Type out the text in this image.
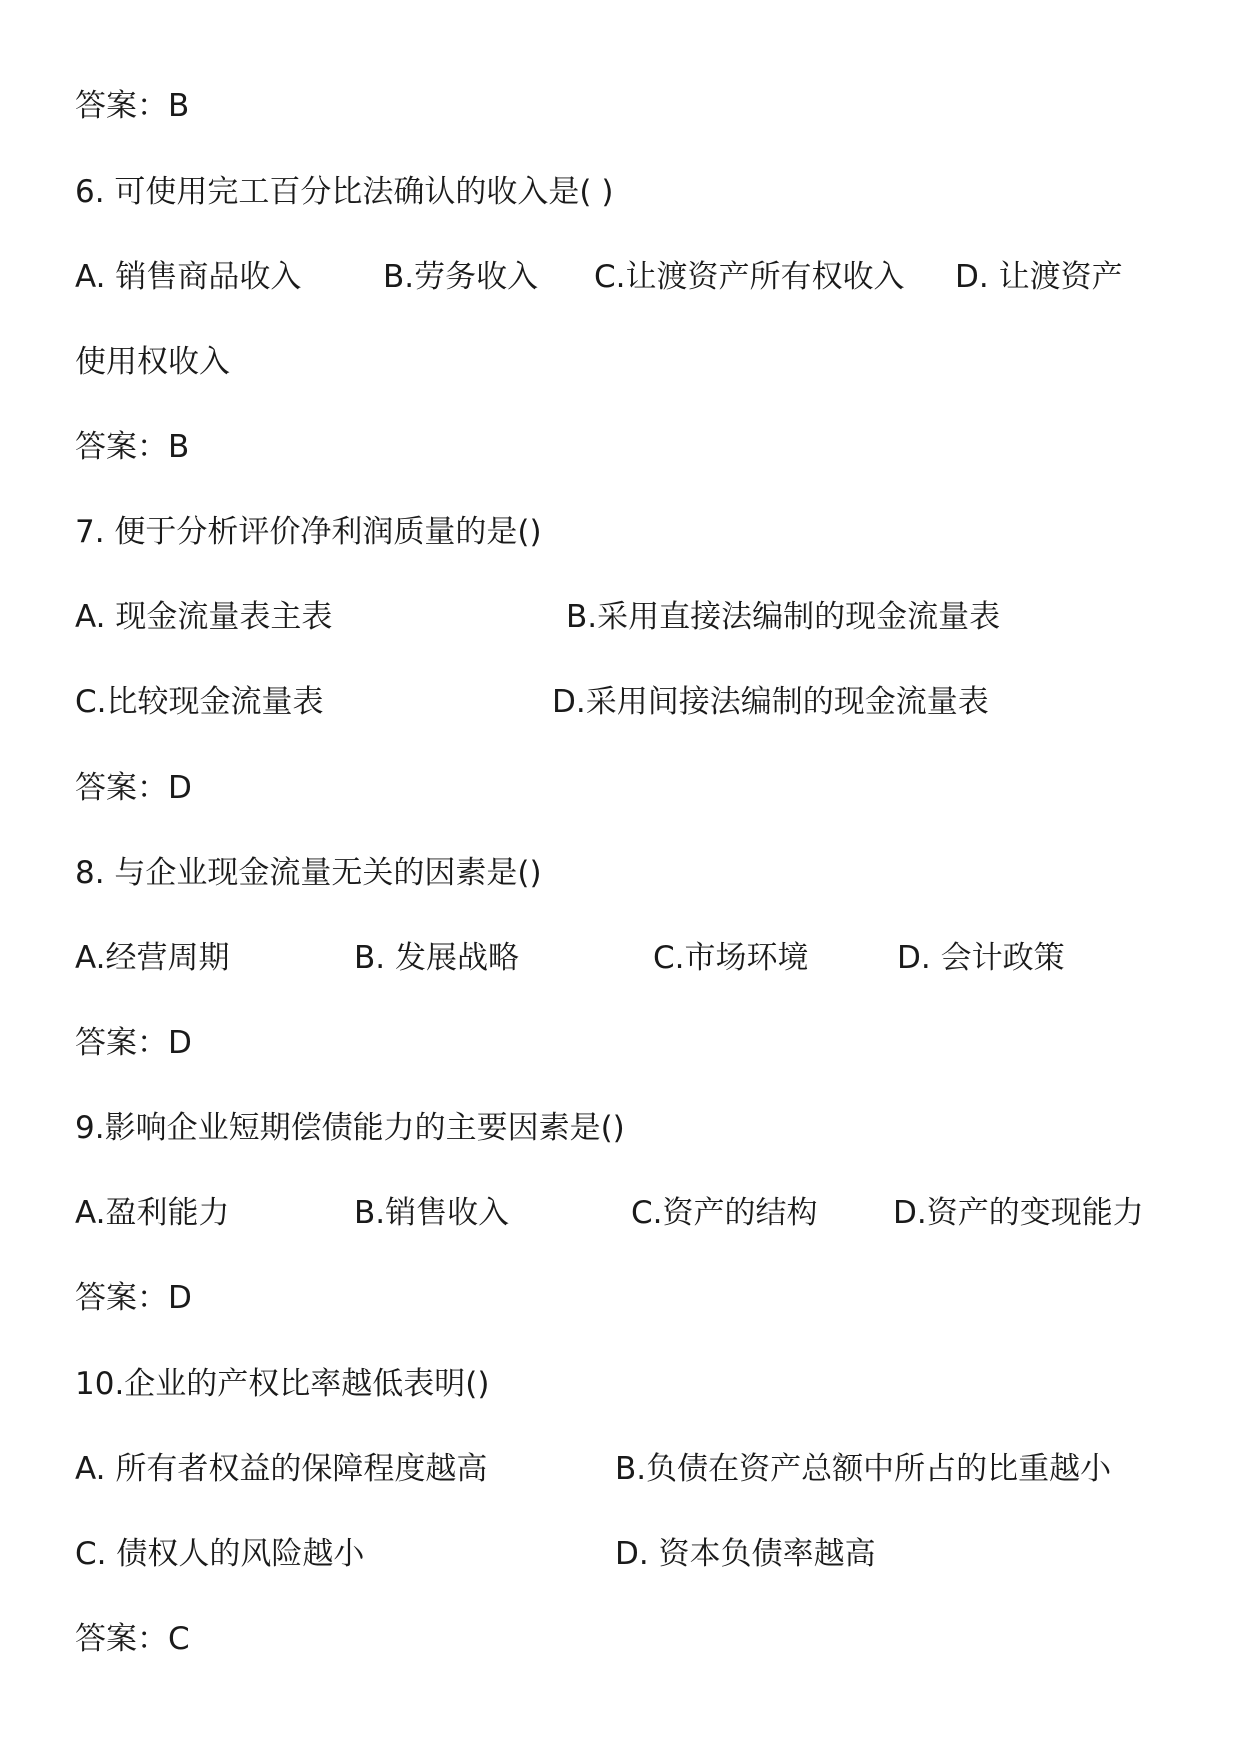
答案：B
6. 可使用完工百分比法确认的收入是( )
A. 销售商品收入	B.劳务收入 C.让渡资产所有权收入 D. 让渡资产
使用权收入
答案：B
7. 便于分析评价净利润质量的是()
A. 现金流量表主表	B.采用直接法编制的现金流量表
C.比较现金流量表	D.采用间接法编制的现金流量表
答案：D
8. 与企业现金流量无关的因素是()
A.经营周期	B. 发展战略	C.市场环境	D. 会计政策
答案：D
9.影响企业短期偿债能力的主要因素是()
A.盈利能力	B.销售收入	C.资产的结构 D.资产的变现能力
答案：D
10.企业的产权比率越低表明()
A. 所有者权益的保障程度越高	B.负债在资产总额中所占的比重越小
C. 债权人的风险越小	D. 资本负债率越高
答案：C
